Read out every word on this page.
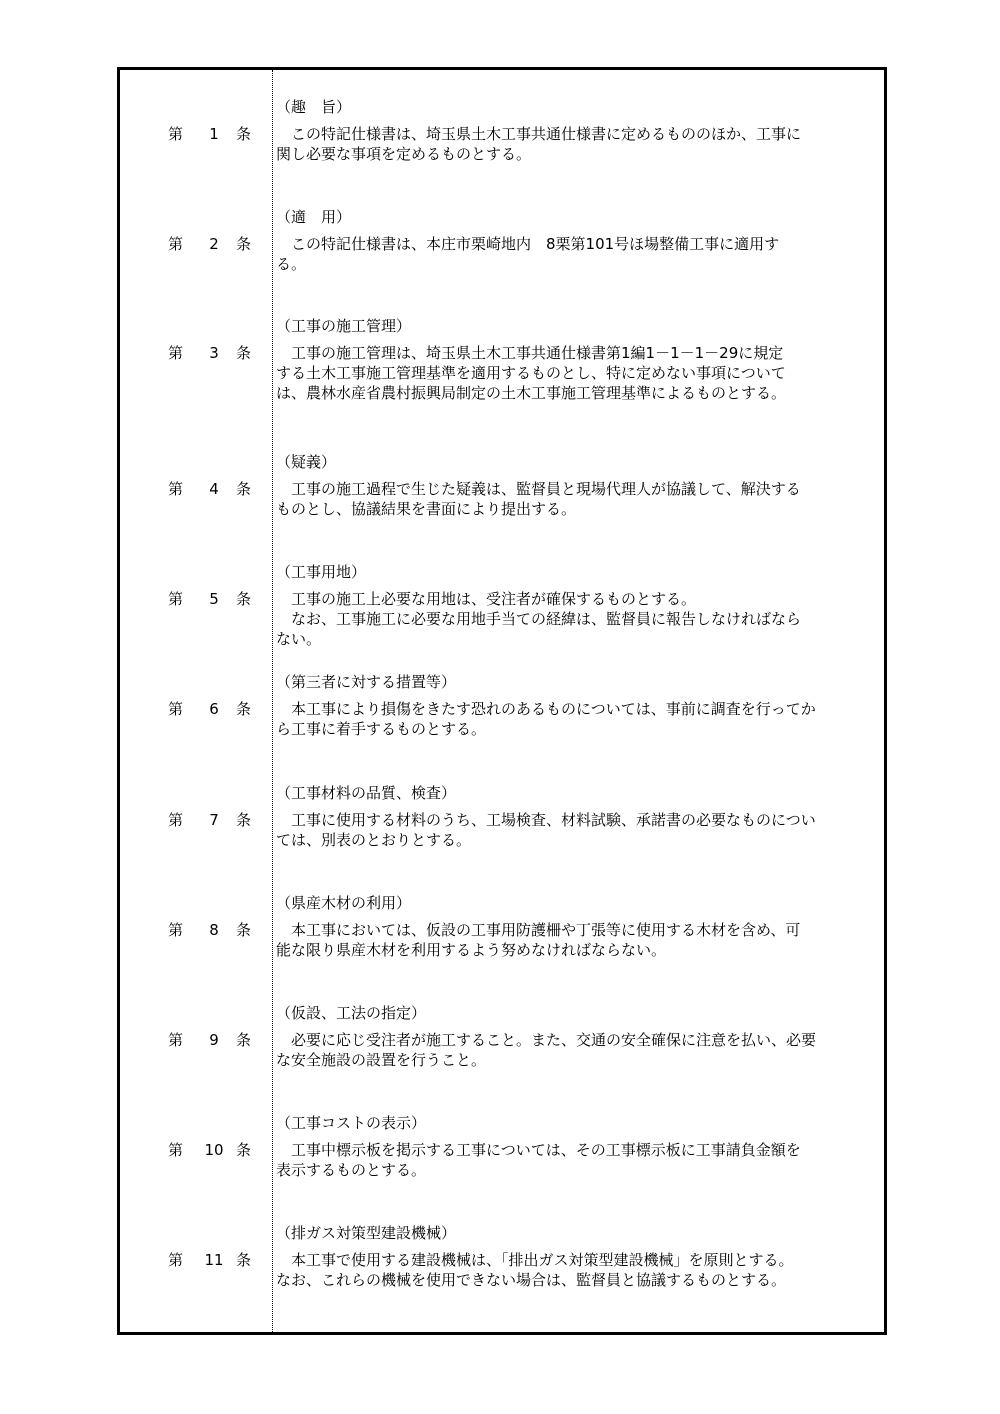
（趣　旨）
第	1	条 　この特記仕様書は、埼玉県土木工事共通仕様書に定めるもののほか、工事に
関し必要な事項を定めるものとする。
（適　用）
第	2	条 　この特記仕様書は、本庄市栗崎地内　8栗第101号ほ場整備工事に適用す
る。
（工事の施工管理）
第	3	条 　工事の施工管理は、埼玉県土木工事共通仕様書第1編1－1－1－29に規定
する土木工事施工管理基準を適用するものとし、特に定めない事項について
は、農林水産省農村振興局制定の土木工事施工管理基準によるものとする。
（疑義）
第	4	条 　工事の施工過程で生じた疑義は、監督員と現場代理人が協議して、解決する
ものとし、協議結果を書面により提出する。
（工事用地）
第	5	条 　工事の施工上必要な用地は、受注者が確保するものとする。
　なお、工事施工に必要な用地手当ての経緯は、監督員に報告しなければなら
ない。
（第三者に対する措置等）
第	6	条 　本工事により損傷をきたす恐れのあるものについては、事前に調査を行ってか
ら工事に着手するものとする。
（工事材料の品質、検査）
第	7	条 　工事に使用する材料のうち、工場検査、材料試験、承諾書の必要なものについ
ては、別表のとおりとする。
（県産木材の利用）
第	8	条 　本工事においては、仮設の工事用防護柵や丁張等に使用する木材を含め、可
能な限り県産木材を利用するよう努めなければならない。
（仮設、工法の指定）
第	9	条 　必要に応じ受注者が施工すること。また、交通の安全確保に注意を払い、必要
な安全施設の設置を行うこと。
（工事コストの表示）
第 10 条 　工事中標示板を掲示する工事については、その工事標示板に工事請負金額を
表示するものとする。
（排ガス対策型建設機械）
第 11 条 　本工事で使用する建設機械は、「排出ガス対策型建設機械」を原則とする。
なお、これらの機械を使用できない場合は、監督員と協議するものとする。
